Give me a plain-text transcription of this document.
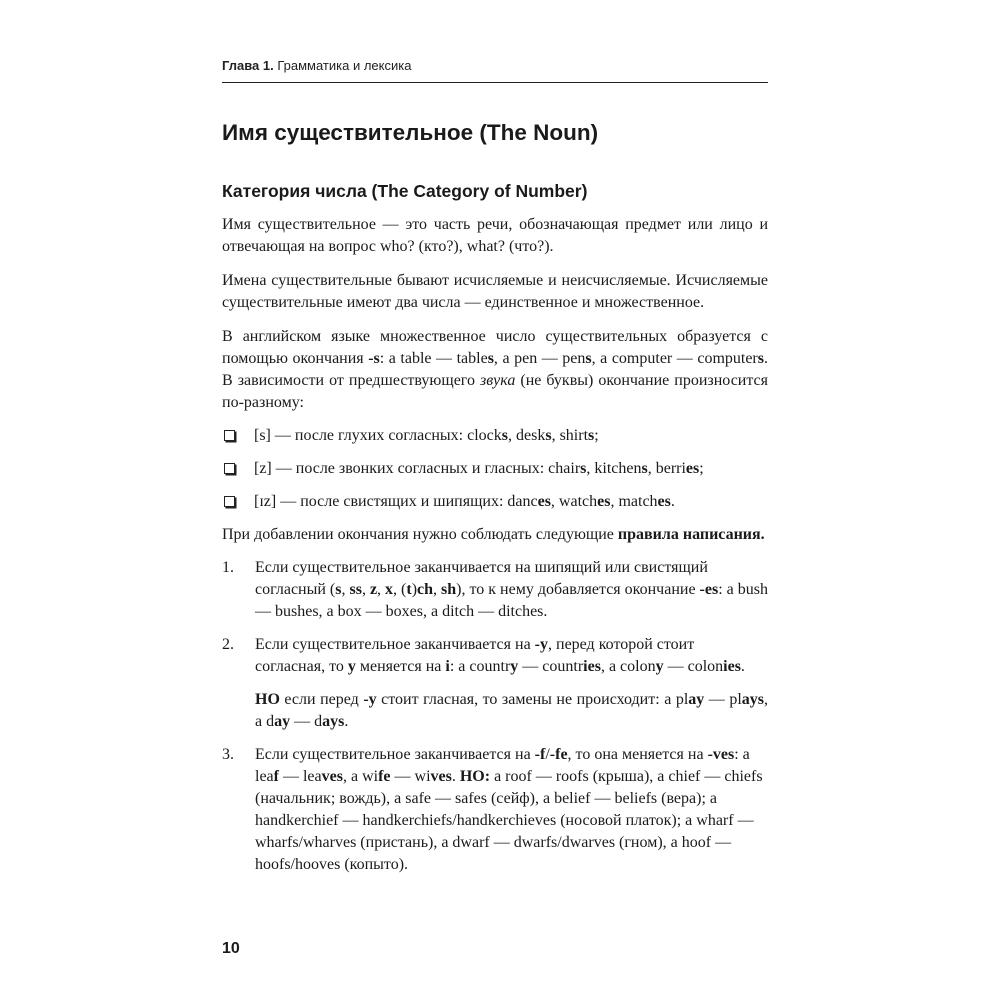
Глава 1. Грамматика и лексика
Имя существительное (The Noun)
Категория числа (The Category of Number)

Имя существительное — это часть речи, обозначающая предмет или лицо и отвечающая на вопрос who? (кто?), what? (что?).

Имена существительные бывают исчисляемые и неисчисляемые. Исчисляемые существительные имеют два числа — единственное и множественное.

В английском языке множественное число существительных образуется с помощью окончания -s: a table — tables, a pen — pens, a computer — computers. В зависимости от предшествующего звука (не буквы) окончание произносится по-разному:

[s] — после глухих согласных: clocks, desks, shirts;
[z] — после звонких согласных и гласных: chairs, kitchens, berries;
[ɪz] — после свистящих и шипящих: dances, watches, matches.

При добавлении окончания нужно соблюдать следующие правила написания.

1. Если существительное заканчивается на шипящий или свистящий согласный (s, ss, z, x, (t)ch, sh), то к нему добавляется окончание -es: a bush — bushes, a box — boxes, a ditch — ditches.
2. Если существительное заканчивается на -y, перед которой стоит согласная, то y меняется на i: a country — countries, a colony — colonies.

НО если перед -y стоит гласная, то замены не происходит: a play — plays, a day — days.

3. Если существительное заканчивается на -f/-fe, то она меняется на -ves: a leaf — leaves, a wife — wives. НО: a roof — roofs (крыша), a chief — chiefs (начальник; вождь), a safe — safes (сейф), a belief — beliefs (вера); a handkerchief — handkerchiefs/handkerchieves (носовой платок); a wharf — wharfs/wharves (пристань), a dwarf — dwarfs/dwarves (гном), a hoof — hoofs/hooves (копыто).
10
